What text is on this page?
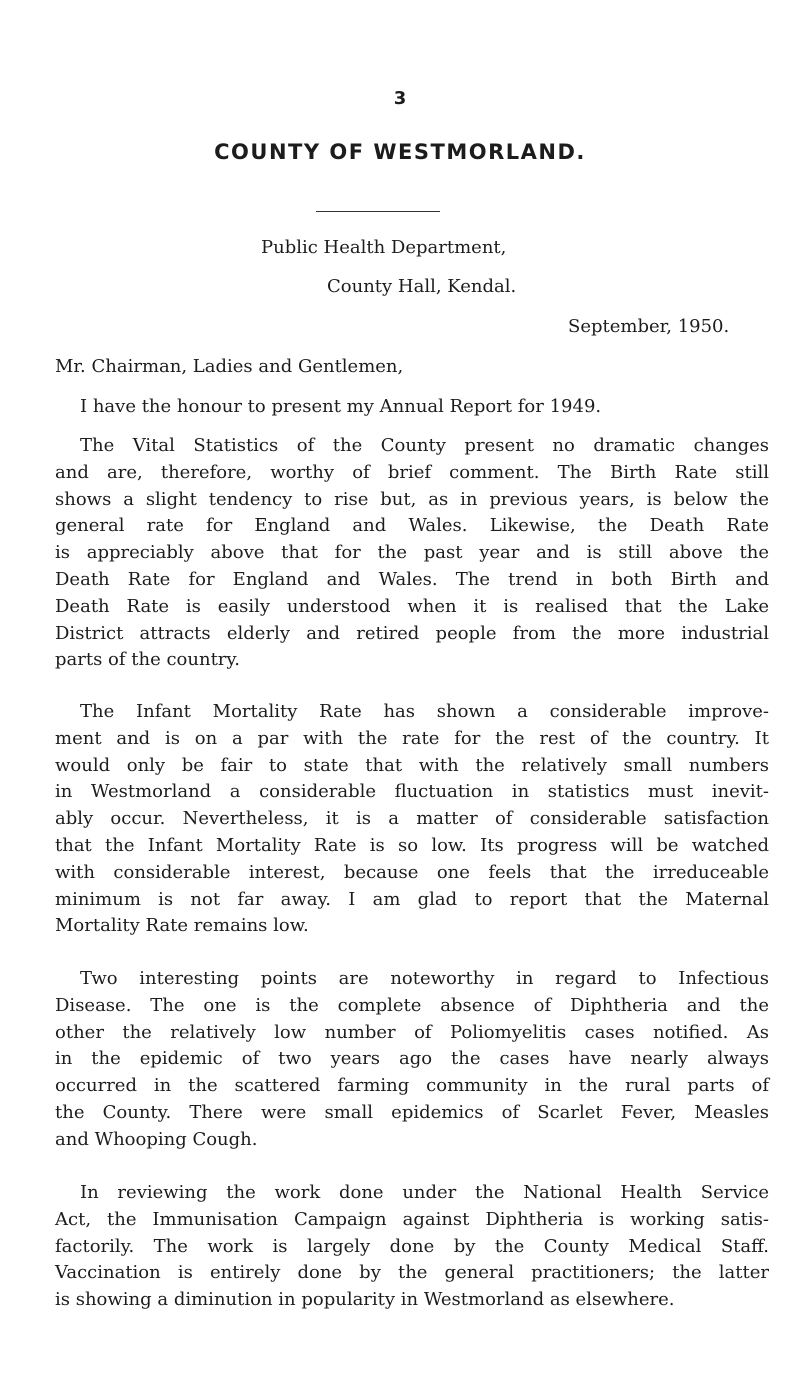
3
COUNTY OF WESTMORLAND.
Public Health Department,
County Hall, Kendal.
September, 1950.
Mr. Chairman, Ladies and Gentlemen,
I have the honour to present my Annual Report for 1949.
The Vital Statistics of the County present no dramatic changes
and are, therefore, worthy of brief comment. The Birth Rate still
shows a slight tendency to rise but, as in previous years, is below the
general rate for England and Wales. Likewise, the Death Rate
is appreciably above that for the past year and is still above the
Death Rate for England and Wales. The trend in both Birth and
Death Rate is easily understood when it is realised that the Lake
District attracts elderly and retired people from the more industrial
parts of the country.
The Infant Mortality Rate has shown a considerable improve-
ment and is on a par with the rate for the rest of the country. It
would only be fair to state that with the relatively small numbers
in Westmorland a considerable fluctuation in statistics must inevit-
ably occur. Nevertheless, it is a matter of considerable satisfaction
that the Infant Mortality Rate is so low. Its progress will be watched
with considerable interest, because one feels that the irreduceable
minimum is not far away. I am glad to report that the Maternal
Mortality Rate remains low.
Two interesting points are noteworthy in regard to Infectious
Disease. The one is the complete absence of Diphtheria and the
other the relatively low number of Poliomyelitis cases notified. As
in the epidemic of two years ago the cases have nearly always
occurred in the scattered farming community in the rural parts of
the County. There were small epidemics of Scarlet Fever, Measles
and Whooping Cough.
In reviewing the work done under the National Health Service
Act, the Immunisation Campaign against Diphtheria is working satis-
factorily. The work is largely done by the County Medical Staff.
Vaccination is entirely done by the general practitioners; the latter
is showing a diminution in popularity in Westmorland as elsewhere.
